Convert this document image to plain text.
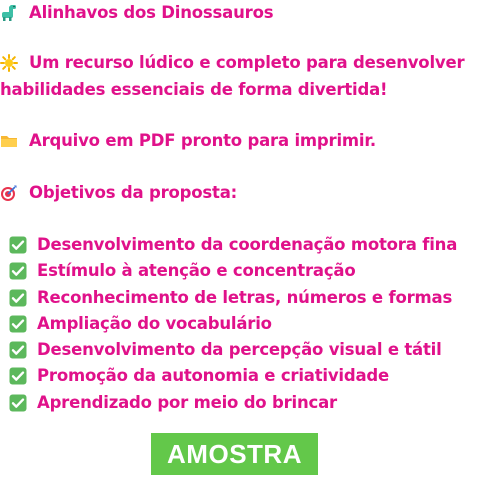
Alinhavos dos Dinossauros
Um recurso lúdico e completo para desenvolver
habilidades essenciais de forma divertida!
Arquivo em PDF pronto para imprimir.
Objetivos da proposta:
Desenvolvimento da coordenação motora fina
Estímulo à atenção e concentração
Reconhecimento de letras, números e formas
Ampliação do vocabulário
Desenvolvimento da percepção visual e tátil
Promoção da autonomia e criatividade
Aprendizado por meio do brincar
AMOSTRA
